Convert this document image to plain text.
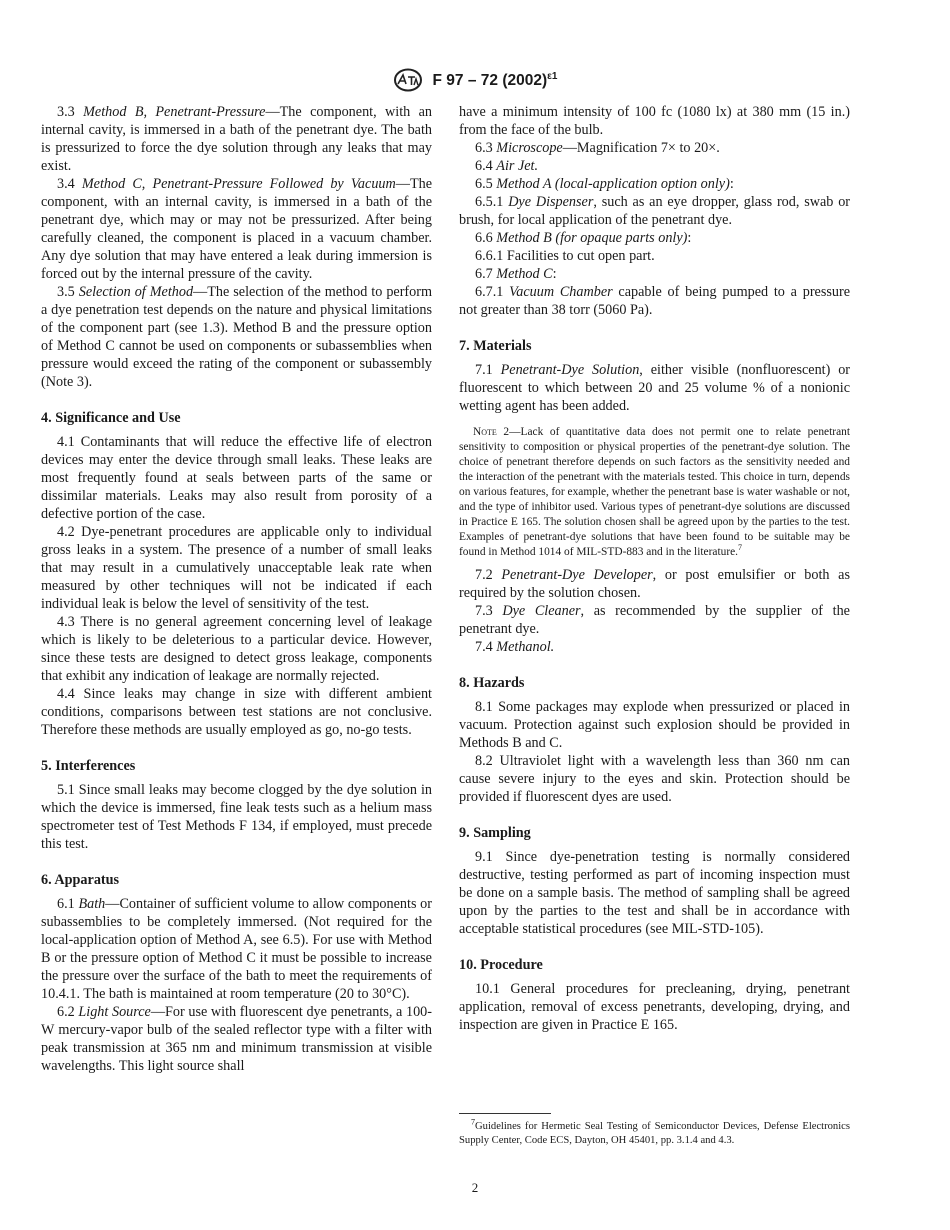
F 97 – 72 $(2002)^{\varepsilon 1}$

3.3 Method B, Penetrant-Pressure—The component, with an internal cavity, is immersed in a bath of the penetrant dye. The bath is pressurized to force the dye solution through any leaks that may exist.

3.4 Method C, Penetrant-Pressure Followed by Vacuum—The component, with an internal cavity, is immersed in a bath of the penetrant dye, which may or may not be pressurized. After being carefully cleaned, the component is placed in a vacuum chamber. Any dye solution that may have entered a leak during immersion is forced out by the internal pressure of the cavity.

3.5 Selection of Method—The selection of the method to perform a dye penetration test depends on the nature and physical limitations of the component part (see 1.3). Method B and the pressure option of Method C cannot be used on components or subassemblies when pressure would exceed the rating of the component or subassembly (Note 3).

4. Significance and Use

4.1 Contaminants that will reduce the effective life of electron devices may enter the device through small leaks. These leaks are most frequently found at seals between parts of the same or dissimilar materials. Leaks may also result from porosity of a defective portion of the case.

4.2 Dye-penetrant procedures are applicable only to individual gross leaks in a system. The presence of a number of small leaks that may result in a cumulatively unacceptable leak rate when measured by other techniques will not be indicated if each individual leak is below the level of sensitivity of the test.

4.3 There is no general agreement concerning level of leakage which is likely to be deleterious to a particular device. However, since these tests are designed to detect gross leakage, components that exhibit any indication of leakage are normally rejected.

4.4 Since leaks may change in size with different ambient conditions, comparisons between test stations are not conclusive. Therefore these methods are usually employed as go, no-go tests.

5. Interferences

5.1 Since small leaks may become clogged by the dye solution in which the device is immersed, fine leak tests such as a helium mass spectrometer test of Test Methods F 134, if employed, must precede this test.

6. Apparatus

6.1 Bath—Container of sufficient volume to allow components or subassemblies to be completely immersed. (Not required for the local-application option of Method A, see 6.5). For use with Method B or the pressure option of Method C it must be possible to increase the pressure over the surface of the bath to meet the requirements of 10.4.1. The bath is maintained at room temperature (20 to 30°C).

6.2 Light Source—For use with fluorescent dye penetrants, a 100-W mercury-vapor bulb of the sealed reflector type with a filter with peak transmission at 365 nm and minimum transmission at visible wavelengths. This light source shall

have a minimum intensity of 100 fc (1080 lx) at 380 mm (15 in.) from the face of the bulb.

6.3 Microscope—Magnification 7× to 20×.

6.4 Air Jet.

6.5 Method A (local-application option only):

6.5.1 Dye Dispenser, such as an eye dropper, glass rod, swab or brush, for local application of the penetrant dye.

6.6 Method B (for opaque parts only):

6.6.1 Facilities to cut open part.

6.7 Method C:

6.7.1 Vacuum Chamber capable of being pumped to a pressure not greater than 38 torr (5060 Pa).

7. Materials

7.1 Penetrant-Dye Solution, either visible (nonfluorescent) or fluorescent to which between 20 and 25 volume % of a nonionic wetting agent has been added.

Note 2—Lack of quantitative data does not permit one to relate penetrant sensitivity to composition or physical properties of the penetrant-dye solution. The choice of penetrant therefore depends on such factors as the sensitivity needed and the interaction of the penetrant with the materials tested. This choice in turn, depends on various features, for example, whether the penetrant base is water washable or not, and the type of inhibitor used. Various types of penetrant-dye solutions are discussed in Practice E 165. The solution chosen shall be agreed upon by the parties to the test. Examples of penetrant-dye solutions that have been found to be suitable may be found in Method 1014 of MIL-STD-883 and in the literature.$^7$

7.2 Penetrant-Dye Developer, or post emulsifier or both as required by the solution chosen.

7.3 Dye Cleaner, as recommended by the supplier of the penetrant dye.

7.4 Methanol.

8. Hazards

8.1 Some packages may explode when pressurized or placed in vacuum. Protection against such explosion should be provided in Methods B and C.

8.2 Ultraviolet light with a wavelength less than 360 nm can cause severe injury to the eyes and skin. Protection should be provided if fluorescent dyes are used.

9. Sampling

9.1 Since dye-penetration testing is normally considered destructive, testing performed as part of incoming inspection must be done on a sample basis. The method of sampling shall be agreed upon by the parties to the test and shall be in accordance with acceptable statistical procedures (see MIL-STD-105).

10. Procedure

10.1 General procedures for precleaning, drying, penetrant application, removal of excess penetrants, developing, drying, and inspection are given in Practice E 165.

$^7$Guidelines for Hermetic Seal Testing of Semiconductor Devices, Defense Electronics Supply Center, Code ECS, Dayton, OH 45401, pp. 3.1.4 and 4.3.

2
